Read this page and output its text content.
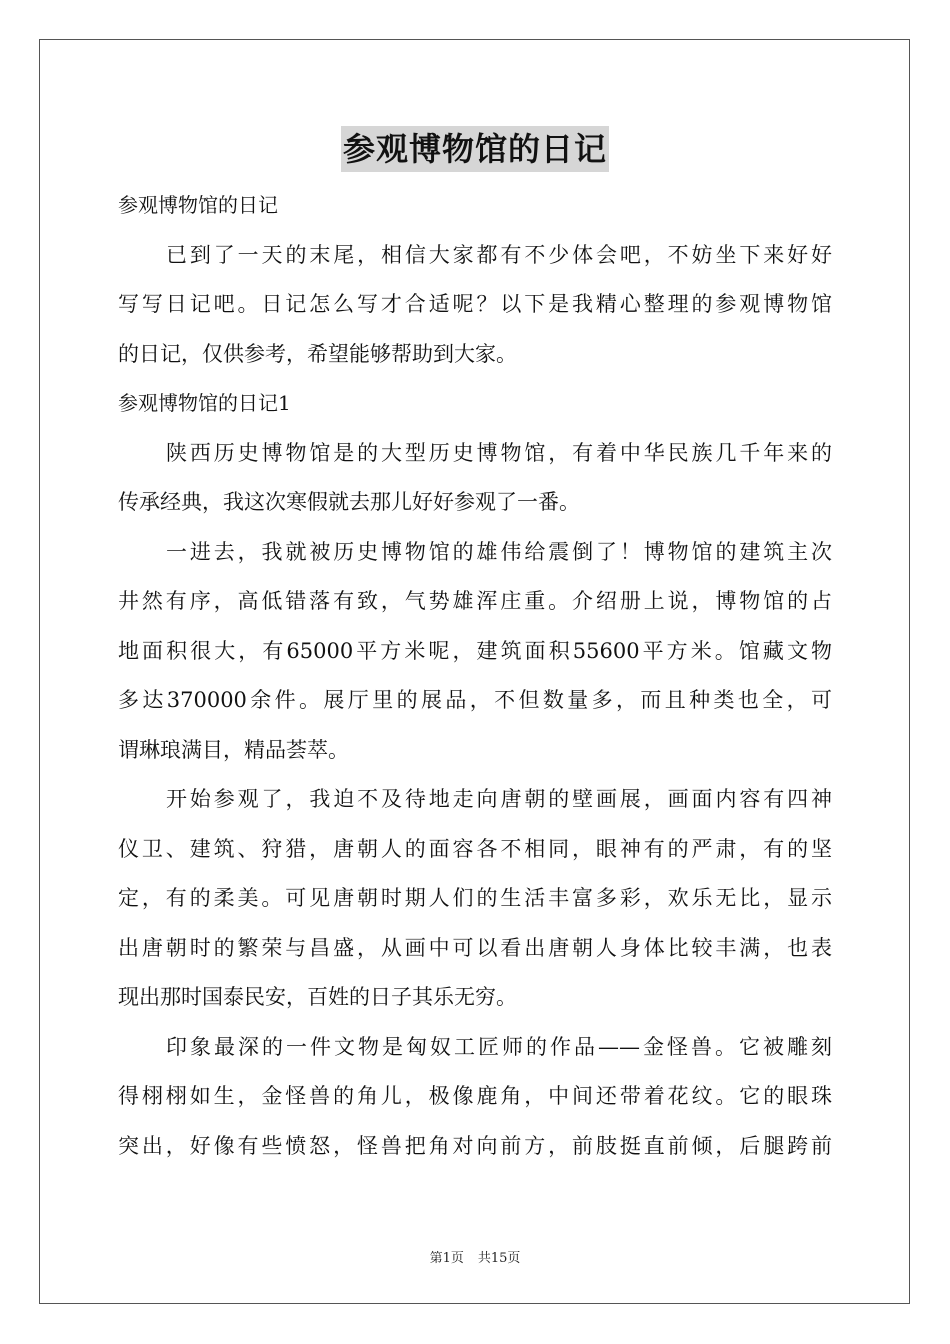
参观博物馆的日记

参观博物馆的日记

已到了一天的末尾，相信大家都有不少体会吧，不妨坐下来好好

写写日记吧。日记怎么写才合适呢？以下是我精心整理的参观博物馆

的日记，仅供参考，希望能够帮助到大家。

参观博物馆的日记1

陕西历史博物馆是的大型历史博物馆，有着中华民族几千年来的

传承经典，我这次寒假就去那儿好好参观了一番。

一进去，我就被历史博物馆的雄伟给震倒了！博物馆的建筑主次

井然有序，高低错落有致，气势雄浑庄重。介绍册上说，博物馆的占

地面积很大，有65000平方米呢，建筑面积55600平方米。馆藏文物

多达370000余件。展厅里的展品，不但数量多，而且种类也全，可

谓琳琅满目，精品荟萃。

开始参观了，我迫不及待地走向唐朝的壁画展，画面内容有四神

仪卫、建筑、狩猎，唐朝人的面容各不相同，眼神有的严肃，有的坚

定，有的柔美。可见唐朝时期人们的生活丰富多彩，欢乐无比，显示

出唐朝时的繁荣与昌盛，从画中可以看出唐朝人身体比较丰满，也表

现出那时国泰民安，百姓的日子其乐无穷。

印象最深的一件文物是匈奴工匠师的作品——金怪兽。它被雕刻

得栩栩如生，金怪兽的角儿，极像鹿角，中间还带着花纹。它的眼珠

突出，好像有些愤怒，怪兽把角对向前方，前肢挺直前倾，后腿跨前

第1页 共15页
